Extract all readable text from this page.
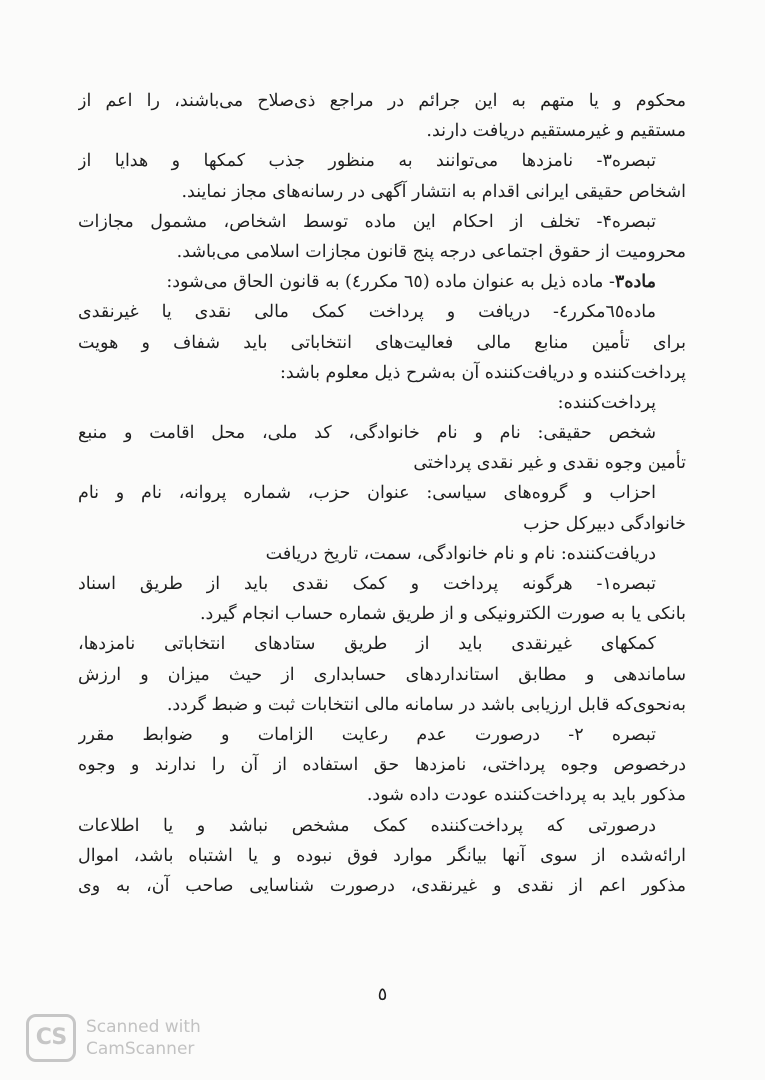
محکوم و یا متهم به این جرائم در مراجع ذی‌صلاح می‌باشند، را اعم از
مستقیم و غیرمستقیم دریافت دارند.
تبصره۳- نامزدها می‌توانند به منظور جذب کمکها و هدایا از
اشخاص حقیقی ایرانی اقدام به انتشار آگهی در رسانه‌های مجاز نمایند.
تبصره۴- تخلف از احکام این ماده توسط اشخاص، مشمول مجازات
محرومیت از حقوق اجتماعی درجه پنج قانون مجازات اسلامی می‌باشد.
ماده۳- ماده ذیل به عنوان ماده (٦٥ مکرر٤) به قانون الحاق می‌شود:
ماده٦٥مکرر٤- دریافت و پرداخت کمک مالی نقدی یا غیرنقدی
برای تأمین منابع مالی فعالیت‌های انتخاباتی باید شفاف و هویت
پرداخت‌کننده و دریافت‌کننده آن به‌شرح ذیل معلوم باشد:
پرداخت‌کننده:
شخص حقیقی: نام و نام خانوادگی، کد ملی، محل اقامت و منبع
تأمین وجوه نقدی و غیر نقدی پرداختی
احزاب و گروه‌های سیاسی: عنوان حزب، شماره پروانه، نام و نام
خانوادگی دبیرکل حزب
دریافت‌کننده: نام و نام خانوادگی، سمت، تاریخ دریافت
تبصره۱- هرگونه پرداخت و کمک نقدی باید از طریق اسناد
بانکی یا به صورت الکترونیکی و از طریق شماره حساب انجام گیرد.
کمکهای غیرنقدی باید از طریق ستادهای انتخاباتی نامزدها،
ساماندهی و مطابق استانداردهای حسابداری از حیث میزان و ارزش
به‌نحوی‌که قابل ارزیابی باشد در سامانه مالی انتخابات ثبت و ضبط گردد.
تبصره ۲- درصورت عدم رعایت الزامات و ضوابط مقرر
درخصوص وجوه پرداختی، نامزدها حق استفاده از آن را ندارند و وجوه
مذکور باید به پرداخت‌کننده عودت داده شود.
درصورتی که پرداخت‌کننده کمک مشخص نباشد و یا اطلاعات
ارائه‌شده از سوی آنها بیانگر موارد فوق نبوده و یا اشتباه باشد، اموال
مذکور اعم از نقدی و غیرنقدی، درصورت شناسایی صاحب آن، به وی
٥
CS	Scanned with
CamScanner
